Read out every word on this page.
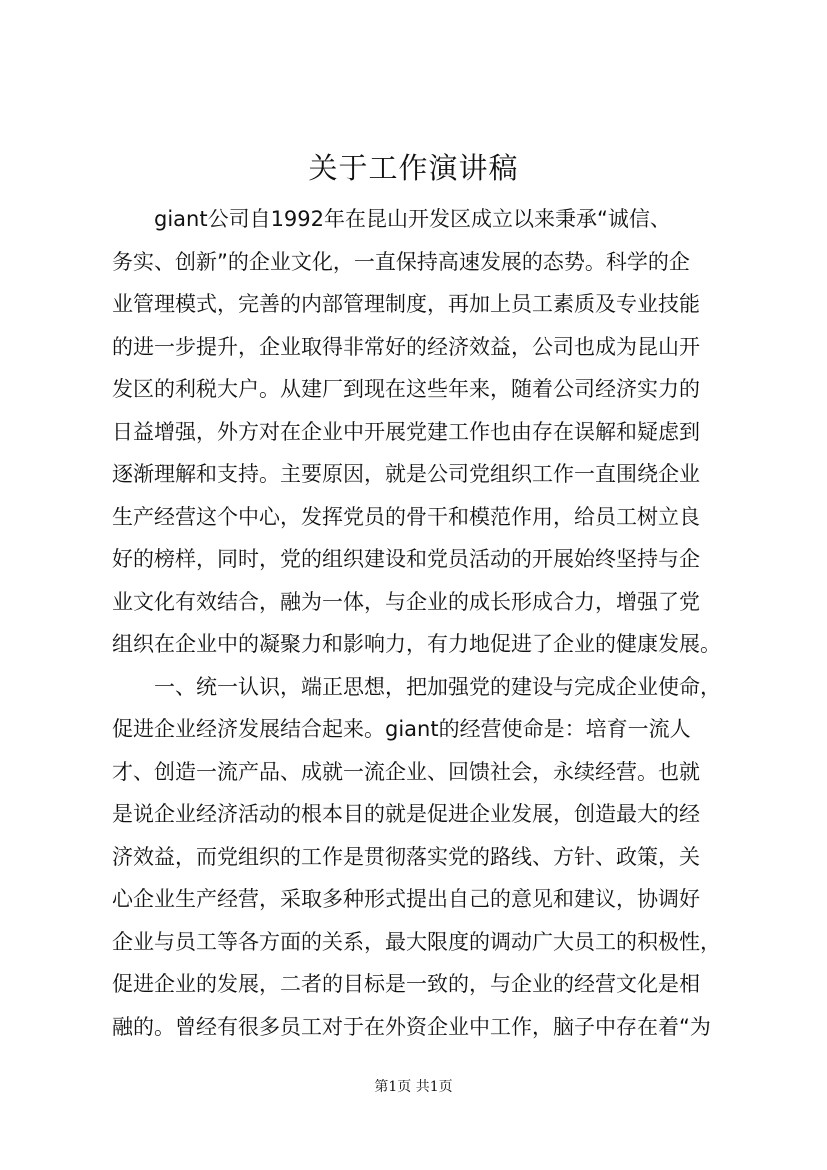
关于工作演讲稿
　　giant公司自1992年在昆山开发区成立以来秉承“诚信、
务实、创新”的企业文化，一直保持高速发展的态势。科学的企
业管理模式，完善的内部管理制度，再加上员工素质及专业技能
的进一步提升，企业取得非常好的经济效益，公司也成为昆山开
发区的利税大户。从建厂到现在这些年来，随着公司经济实力的
日益增强，外方对在企业中开展党建工作也由存在误解和疑虑到
逐渐理解和支持。主要原因，就是公司党组织工作一直围绕企业
生产经营这个中心，发挥党员的骨干和模范作用，给员工树立良
好的榜样，同时，党的组织建设和党员活动的开展始终坚持与企
业文化有效结合，融为一体，与企业的成长形成合力，增强了党
组织在企业中的凝聚力和影响力，有力地促进了企业的健康发展。
　　一、统一认识，端正思想，把加强党的建设与完成企业使命，
促进企业经济发展结合起来。giant的经营使命是：培育一流人
才、创造一流产品、成就一流企业、回馈社会，永续经营。也就
是说企业经济活动的根本目的就是促进企业发展，创造最大的经
济效益，而党组织的工作是贯彻落实党的路线、方针、政策，关
心企业生产经营，采取多种形式提出自己的意见和建议，协调好
企业与员工等各方面的关系，最大限度的调动广大员工的积极性，
促进企业的发展，二者的目标是一致的，与企业的经营文化是相
融的。曾经有很多员工对于在外资企业中工作，脑子中存在着“为
第1页 共1页
